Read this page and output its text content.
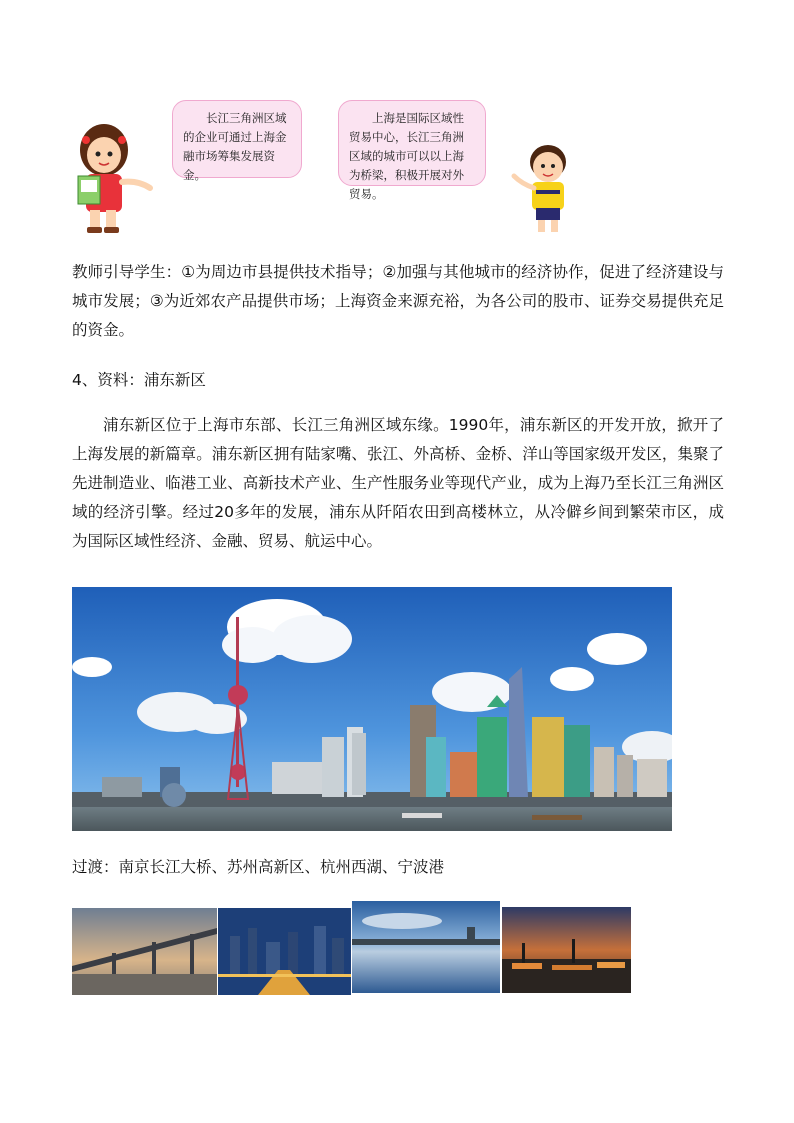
长江三角洲区域的企业可通过上海金融市场筹集发展资金。
上海是国际区域性贸易中心，长江三角洲区域的城市可以以上海为桥梁，积极开展对外贸易。
教师引导学生：①为周边市县提供技术指导；②加强与其他城市的经济协作，促进了经济建设与城市发展；③为近郊农产品提供市场；上海资金来源充裕，为各公司的股市、证券交易提供充足的资金。
4、资料：浦东新区
浦东新区位于上海市东部、长江三角洲区域东缘。1990年，浦东新区的开发开放，掀开了上海发展的新篇章。浦东新区拥有陆家嘴、张江、外高桥、金桥、洋山等国家级开发区，集聚了先进制造业、临港工业、高新技术产业、生产性服务业等现代产业，成为上海乃至长江三角洲区域的经济引擎。经过20多年的发展，浦东从阡陌农田到高楼林立，从冷僻乡间到繁荣市区，成为国际区域性经济、金融、贸易、航运中心。
过渡：南京长江大桥、苏州高新区、杭州西湖、宁波港
